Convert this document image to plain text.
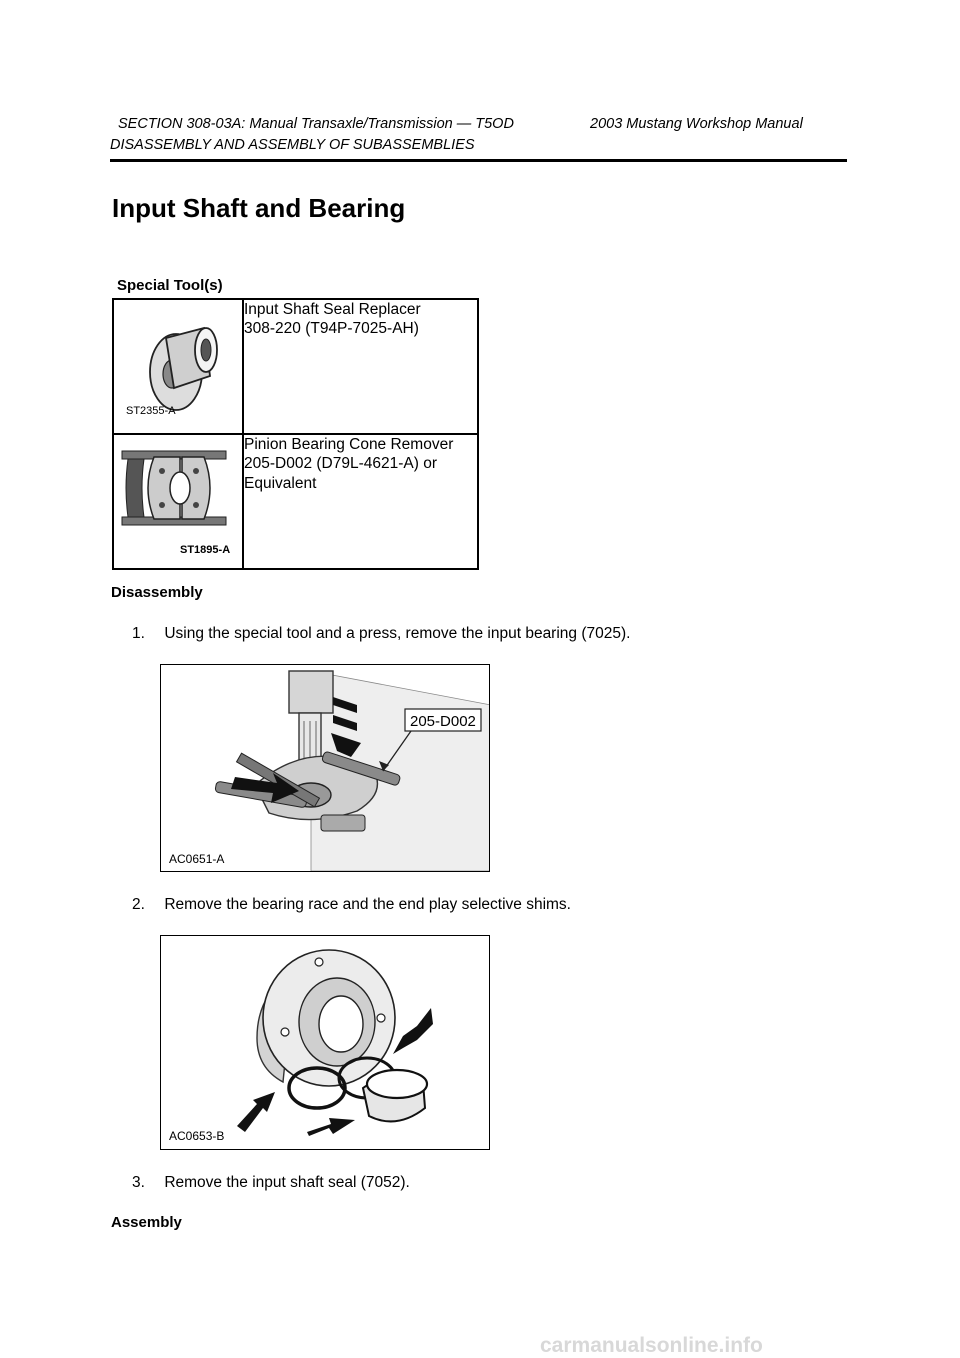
SECTION 308-03A: Manual Transaxle/Transmission — T5OD	2003 Mustang Workshop Manual
DISASSEMBLY AND ASSEMBLY OF SUBASSEMBLIES
Input Shaft and Bearing
Special Tool(s)
ST2355-A	Input Shaft Seal Replacer
308-220 (T94P-7025-AH)

ST1895-A	Pinion Bearing Cone Remover
205-D002 (D79L-4621-A) or
Equivalent
Disassembly
1. Using the special tool and a press, remove the input bearing (7025).
205-D002
AC0651-A
2. Remove the bearing race and the end play selective shims.
AC0653-B
3. Remove the input shaft seal (7052).
Assembly
carmanualsonline.info
